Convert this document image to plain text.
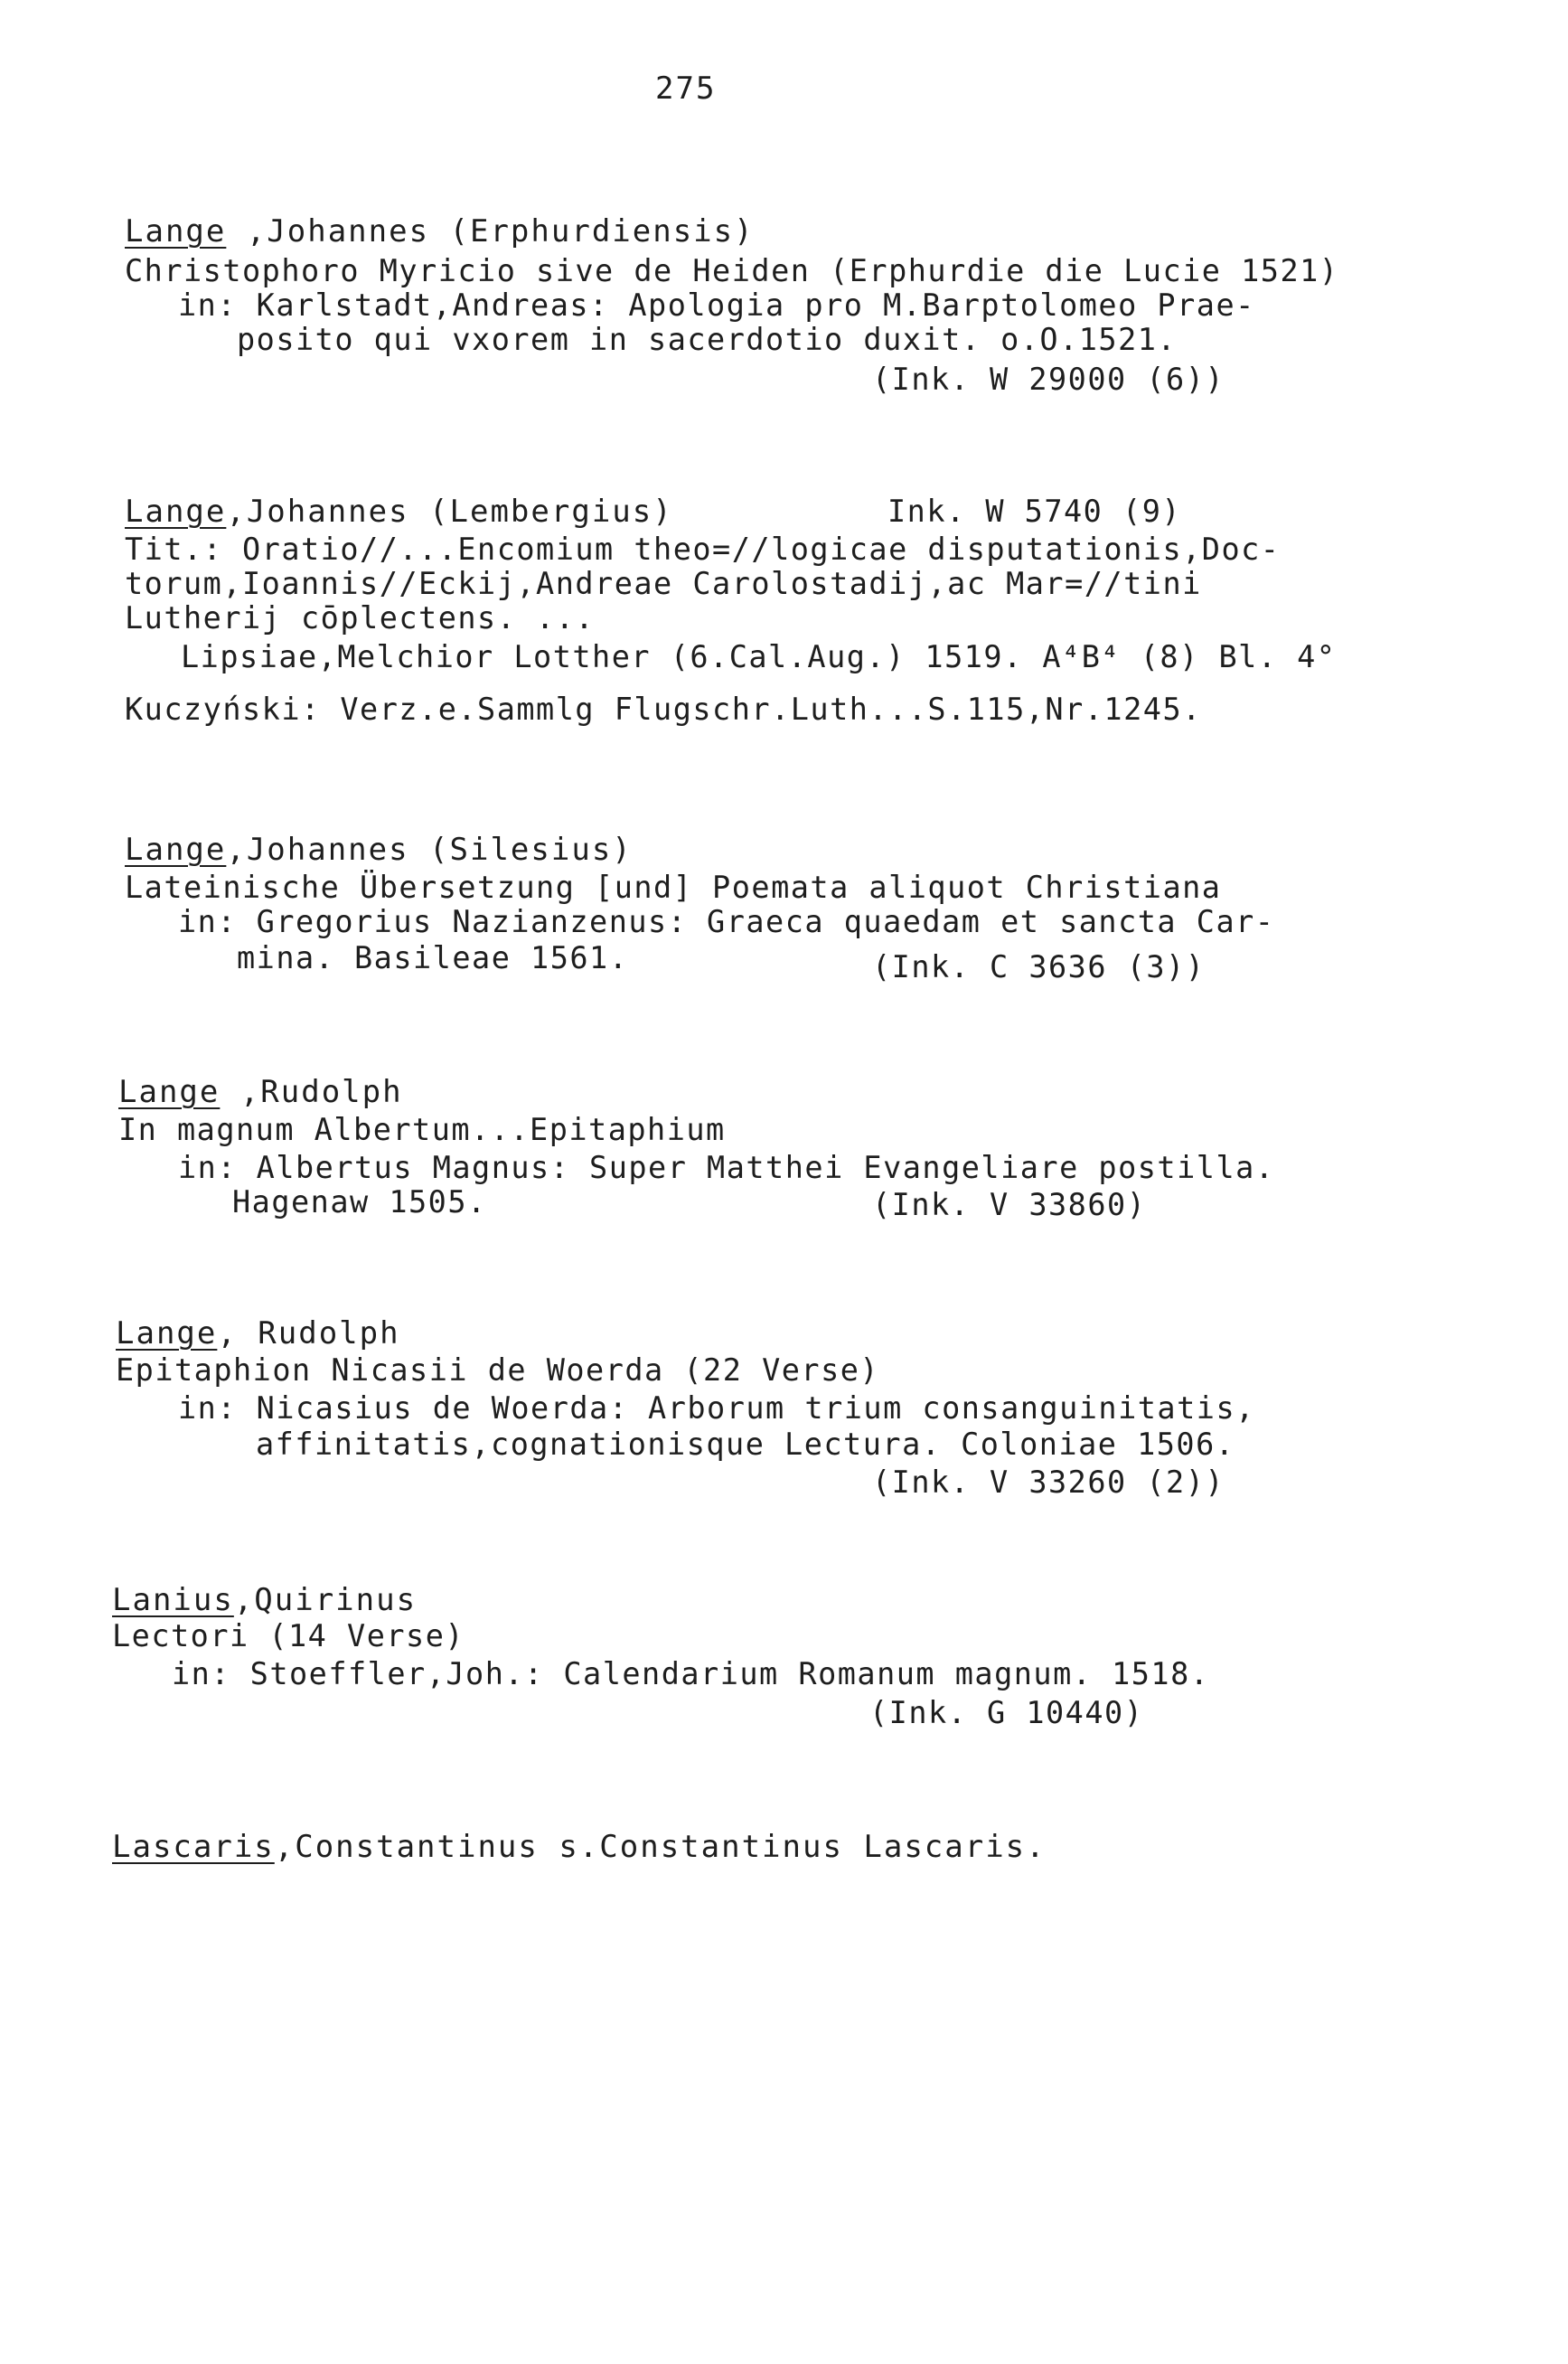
275
Lange ,Johannes (Erphurdiensis)
Christophoro Myricio sive de Heiden (Erphurdie die Lucie 1521)
in: Karlstadt,Andreas: Apologia pro M.Barptolomeo Prae-
posito qui vxorem in sacerdotio duxit. o.O.1521.
(Ink. W 29000 (6))
Lange,Johannes (Lembergius)	Ink. W 5740 (9)
Tit.: Oratio//...Encomium theo=//logicae disputationis,Doc-
torum,Ioannis//Eckij,Andreae Carolostadij,ac Mar=//tini
Lutherij cōplectens. ...
Lipsiae,Melchior Lotther (6.Cal.Aug.) 1519. A⁴B⁴ (8) Bl. 4°
Kuczyński: Verz.e.Sammlg Flugschr.Luth...S.115,Nr.1245.
Lange,Johannes (Silesius)
Lateinische Übersetzung [und] Poemata aliquot Christiana
in: Gregorius Nazianzenus: Graeca quaedam et sancta Car-
mina. Basileae 1561.	(Ink. C 3636 (3))
Lange ,Rudolph
In magnum Albertum...Epitaphium
in: Albertus Magnus: Super Matthei Evangeliare postilla.
Hagenaw 1505.	(Ink. V 33860)
Lange, Rudolph
Epitaphion Nicasii de Woerda (22 Verse)
in: Nicasius de Woerda: Arborum trium consanguinitatis,
affinitatis,cognationisque Lectura. Coloniae 1506.
(Ink. V 33260 (2))
Lanius,Quirinus
Lectori (14 Verse)
in: Stoeffler,Joh.: Calendarium Romanum magnum. 1518.
(Ink. G 10440)
Lascaris,Constantinus s.Constantinus Lascaris.
